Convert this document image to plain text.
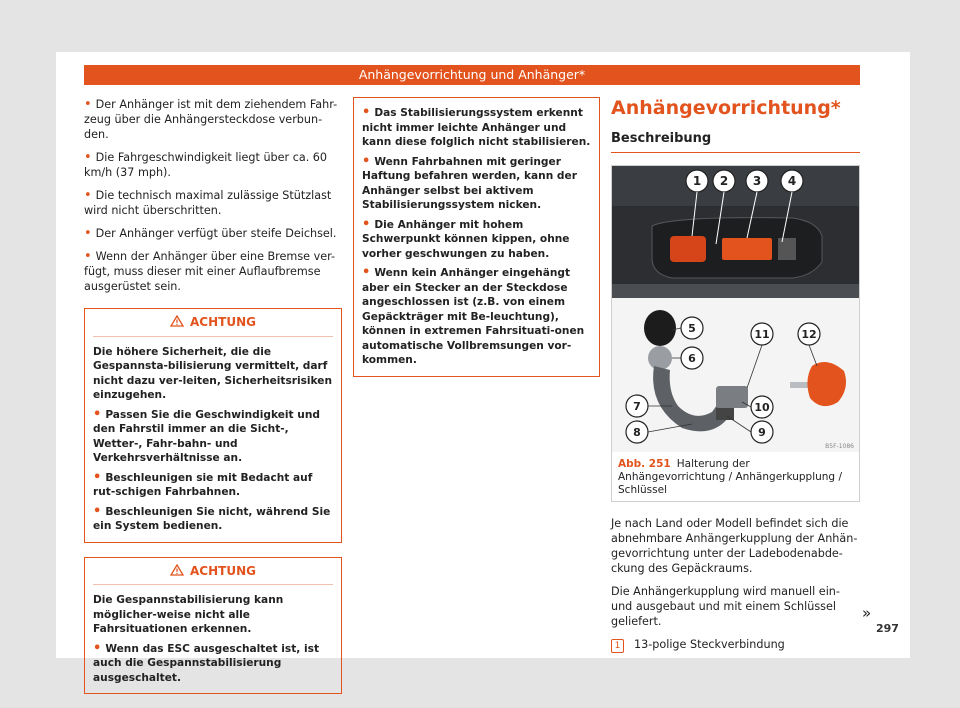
Anhängevorrichtung und Anhänger*

• Der Anhänger ist mit dem ziehendem Fahr-zeug über die Anhängersteckdose verbun-den.

• Die Fahrgeschwindigkeit liegt über ca. 60 km/h (37 mph).

• Die technisch maximal zulässige Stützlast wird nicht überschritten.

• Der Anhänger verfügt über steife Deichsel.

• Wenn der Anhänger über eine Bremse ver-fügt, muss dieser mit einer Auflaufbremse ausgerüstet sein.

ACHTUNG

Die höhere Sicherheit, die die Gespannsta-bilisierung vermittelt, darf nicht dazu ver-leiten, Sicherheitsrisiken einzugehen.

• Passen Sie die Geschwindigkeit und den Fahrstil immer an die Sicht-, Wetter-, Fahr-bahn- und Verkehrsverhältnisse an.

• Beschleunigen sie mit Bedacht auf rut-schigen Fahrbahnen.

• Beschleunigen Sie nicht, während Sie ein System bedienen.

ACHTUNG

Die Gespannstabilisierung kann möglicher-weise nicht alle Fahrsituationen erkennen.

• Wenn das ESC ausgeschaltet ist, ist auch die Gespannstabilisierung ausgeschaltet.

• Das Stabilisierungssystem erkennt nicht immer leichte Anhänger und kann diese folglich nicht stabilisieren.

• Wenn Fahrbahnen mit geringer Haftung befahren werden, kann der Anhänger selbst bei aktivem Stabilisierungssystem nicken.

• Die Anhänger mit hohem Schwerpunkt können kippen, ohne vorher geschwungen zu haben.

• Wenn kein Anhänger eingehängt aber ein Stecker an der Steckdose angeschlossen ist (z.B. von einem Gepäckträger mit Be-leuchtung), können in extremen Fahrsituati-onen automatische Vollbremsungen vor-kommen.

Anhängevorrichtung*
Beschreibung
1 2 3 4
5
6
7
8	9
10
11	12
B5F-1086
Abb. 251 Halterung der Anhängevorrichtung / Anhängerkupplung / Schlüssel

Je nach Land oder Modell befindet sich die abnehmbare Anhängerkupplung der Anhän-gevorrichtung unter der Ladebodenabde-ckung des Gepäckraums.

Die Anhängerkupplung wird manuell ein- und ausgebaut und mit einem Schlüssel geliefert.

1 13-polige Steckverbindung

»
297
